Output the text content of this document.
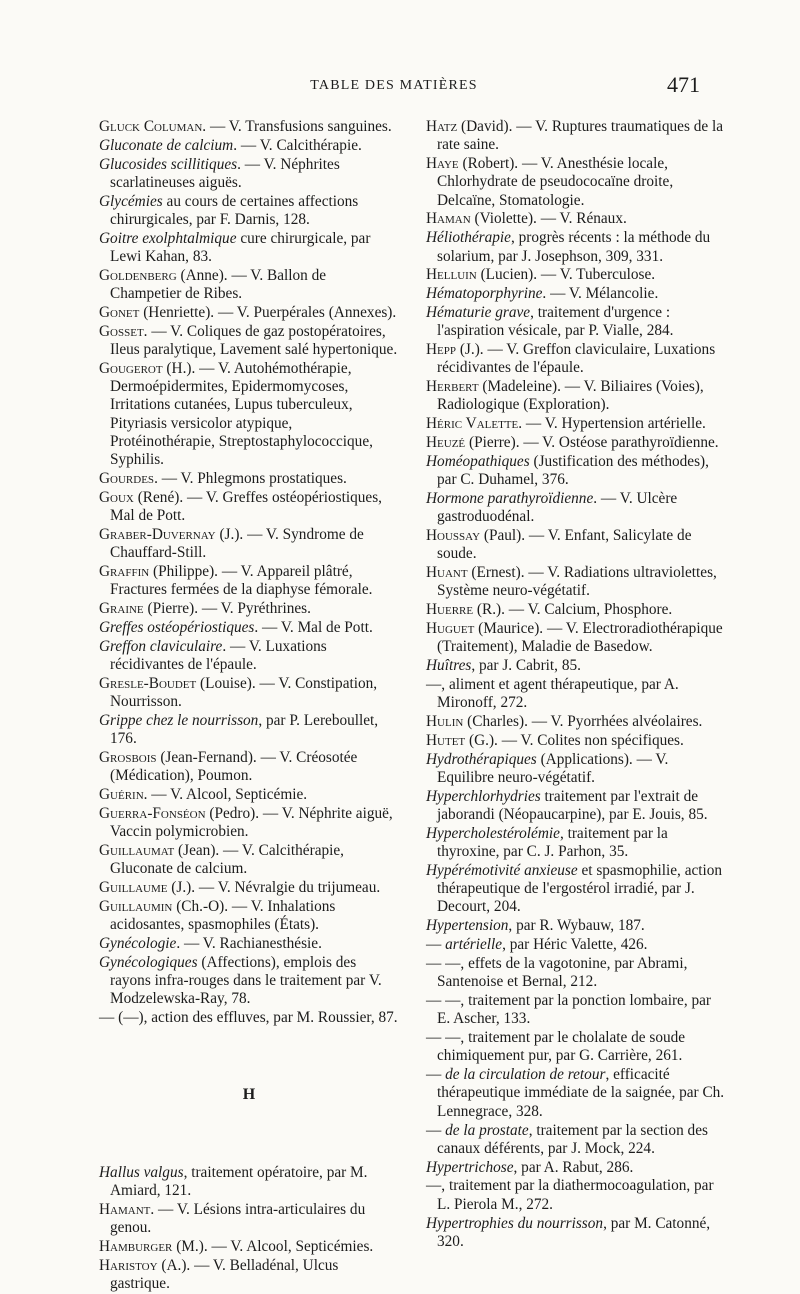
TABLE DES MATIÈRES	471
Gluck Columan. — V. Transfusions sanguines.
Gluconate de calcium. — V. Calcithérapie.
Glucosides scillitiques. — V. Néphrites scarlatineuses aiguës.
Glycémies au cours de certaines affections chirurgicales, par F. Darnis, 128.
Goitre exolphtalmique cure chirurgicale, par Lewi Kahan, 83.
Goldenberg (Anne). — V. Ballon de Champetier de Ribes.
Gonet (Henriette). — V. Puerpérales (Annexes).
Gosset. — V. Coliques de gaz postopératoires, Ileus paralytique, Lavement salé hypertonique.
Gougerot (H.). — V. Autohémothérapie, Dermoépidermites, Epidermomycoses, Irritations cutanées, Lupus tuberculeux, Pityriasis versicolor atypique, Protéinothérapie, Streptostaphylococcique, Syphilis.
Gourdes. — V. Phlegmons prostatiques.
Goux (René). — V. Greffes ostéopériostiques, Mal de Pott.
Graber-Duvernay (J.). — V. Syndrome de Chauffard-Still.
Graffin (Philippe). — V. Appareil plâtré, Fractures fermées de la diaphyse fémorale.
Graine (Pierre). — V. Pyréthrines.
Greffes ostéopériostiques. — V. Mal de Pott.
Greffon claviculaire. — V. Luxations récidivantes de l'épaule.
Gresle-Boudet (Louise). — V. Constipation, Nourrisson.
Grippe chez le nourrisson, par P. Lereboullet, 176.
Grosbois (Jean-Fernand). — V. Créosotée (Médication), Poumon.
Guérin. — V. Alcool, Septicémie.
Guerra-Fonséon (Pedro). — V. Néphrite aiguë, Vaccin polymicrobien.
Guillaumat (Jean). — V. Calcithérapie, Gluconate de calcium.
Guillaume (J.). — V. Névralgie du trijumeau.
Guillaumin (Ch.-O). — V. Inhalations acidosantes, spasmophiles (États).
Gynécologie. — V. Rachianesthésie.
Gynécologiques (Affections), emplois des rayons infra-rouges dans le traitement par V. Modzelewska-Ray, 78.
— (—), action des effluves, par M. Roussier, 87.
H
Hallus valgus, traitement opératoire, par M. Amiard, 121.
Hamant. — V. Lésions intra-articulaires du genou.
Hamburger (M.). — V. Alcool, Septicémies.
Haristoy (A.). — V. Belladénal, Ulcus gastrique.
Hatz (David). — V. Ruptures traumatiques de la rate saine.
Haye (Robert). — V. Anesthésie locale, Chlorhydrate de pseudococaïne droite, Delcaïne, Stomatologie.
Haman (Violette). — V. Rénaux.
Héliothérapie, progrès récents : la méthode du solarium, par J. Josephson, 309, 331.
Helluin (Lucien). — V. Tuberculose.
Hématoporphyrine. — V. Mélancolie.
Hématurie grave, traitement d'urgence : l'aspiration vésicale, par P. Vialle, 284.
Hepp (J.). — V. Greffon claviculaire, Luxations récidivantes de l'épaule.
Herbert (Madeleine). — V. Biliaires (Voies), Radiologique (Exploration).
Héric Valette. — V. Hypertension artérielle.
Heuzé (Pierre). — V. Ostéose parathyroïdienne.
Homéopathiques (Justification des méthodes), par C. Duhamel, 376.
Hormone parathyroïdienne. — V. Ulcère gastroduodénal.
Houssay (Paul). — V. Enfant, Salicylate de soude.
Huant (Ernest). — V. Radiations ultraviolettes, Système neuro-végétatif.
Huerre (R.). — V. Calcium, Phosphore.
Huguet (Maurice). — V. Electroradiothérapique (Traitement), Maladie de Basedow.
Huîtres, par J. Cabrit, 85.
—, aliment et agent thérapeutique, par A. Mironoff, 272.
Hulin (Charles). — V. Pyorrhées alvéolaires.
Hutet (G.). — V. Colites non spécifiques.
Hydrothérapiques (Applications). — V. Equilibre neuro-végétatif.
Hyperchlorhydries traitement par l'extrait de jaborandi (Néopaucarpine), par E. Jouis, 85.
Hypercholestérolémie, traitement par la thyroxine, par C. J. Parhon, 35.
Hypérémotivité anxieuse et spasmophilie, action thérapeutique de l'ergostérol irradié, par J. Decourt, 204.
Hypertension, par R. Wybauw, 187.
— artérielle, par Héric Valette, 426.
— —, effets de la vagotonine, par Abrami, Santenoise et Bernal, 212.
— —, traitement par la ponction lombaire, par E. Ascher, 133.
— —, traitement par le cholalate de soude chimiquement pur, par G. Carrière, 261.
— de la circulation de retour, efficacité thérapeutique immédiate de la saignée, par Ch. Lennegrace, 328.
— de la prostate, traitement par la section des canaux déférents, par J. Mock, 224.
Hypertrichose, par A. Rabut, 286.
—, traitement par la diathermocoagulation, par L. Pierola M., 272.
Hypertrophies du nourrisson, par M. Catonné, 320.
